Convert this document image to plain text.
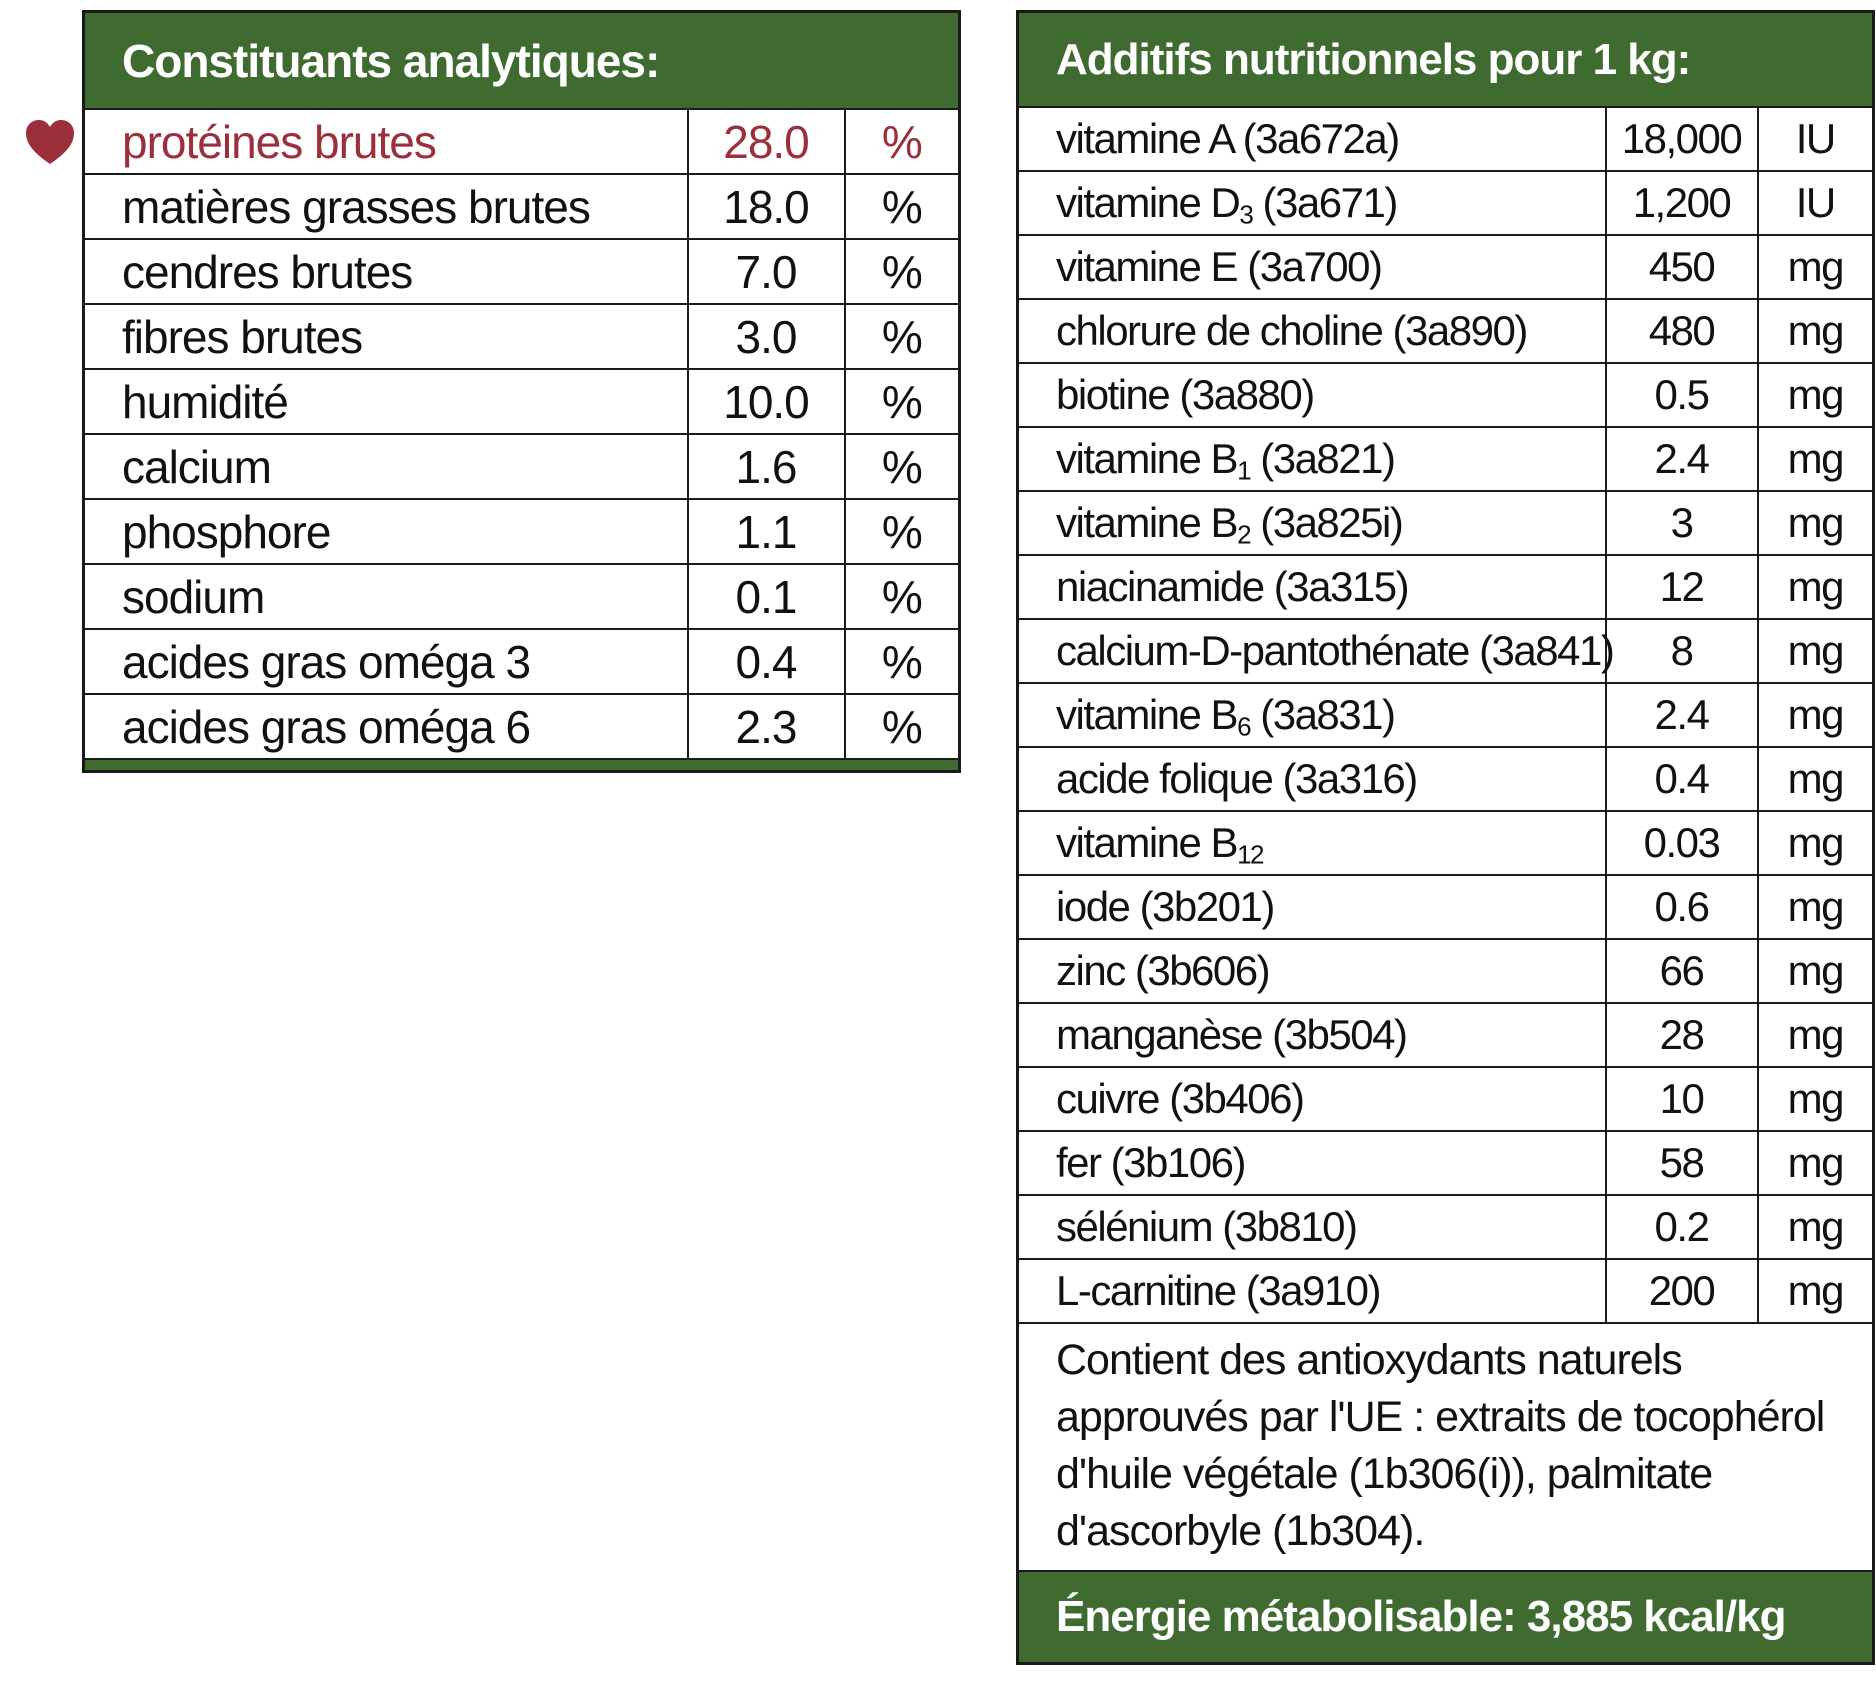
Constituants analytiques:		
protéines brutes	28.0	%
matières grasses brutes	18.0	%
cendres brutes	7.0	%
fibres brutes	3.0	%
humidité	10.0	%
calcium	1.6	%
phosphore	1.1	%
sodium	0.1	%
acides gras oméga 3	0.4	%
acides gras oméga 6	2.3	%

Additifs nutritionnels pour 1 kg:		
vitamine A (3a672a)	18,000	IU
vitamine $D_3$ (3a671)	1,200	IU
vitamine E (3a700)	450	mg
chlorure de choline (3a890)	480	mg
biotine (3a880)	0.5	mg
vitamine $B_1$ (3a821)	2.4	mg
vitamine $B_2$ (3a825i)	3	mg
niacinamide (3a315)	12	mg
calcium-D-pantothénate (3a841)	8	mg
vitamine $B_6$ (3a831)	2.4	mg
acide folique (3a316)	0.4	mg
vitamine $B_{12}$	0.03	mg
iode (3b201)	0.6	mg
zinc (3b606)	66	mg
manganèse (3b504)	28	mg
cuivre (3b406)	10	mg
fer (3b106)	58	mg
sélénium (3b810)	0.2	mg
L-carnitine (3a910)	200	mg
Contient des antioxydants naturels approuvés par l'UE : extraits de tocophérol d'huile végétale (1b306(i)), palmitate d'ascorbyle (1b304).		
Énergie métabolisable: 3,885 kcal/kg		
